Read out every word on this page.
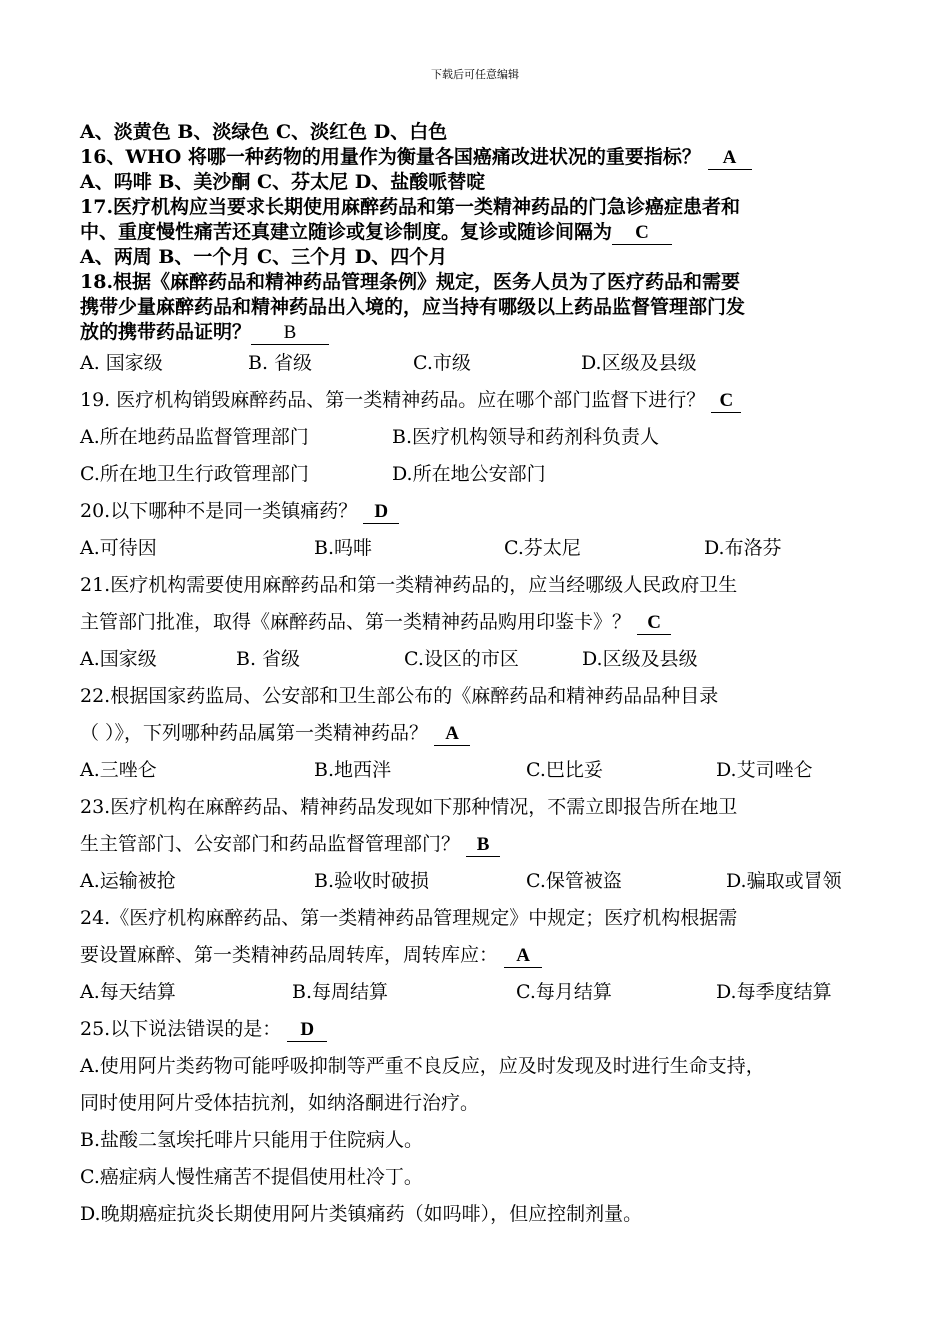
下载后可任意编辑
A、淡黄色 B、淡绿色 C、淡红色 D、白色
16、WHO 将哪一种药物的用量作为衡量各国癌痛改进状况的重要指标？ A
A、吗啡 B、美沙酮 C、芬太尼 D、盐酸哌替啶
17.医疗机构应当要求长期使用麻醉药品和第一类精神药品的门急诊癌症患者和
中、重度慢性痛苦还真建立随诊或复诊制度。复诊或随诊间隔为 C
A、两周 B、一个月 C、三个月 D、四个月
18.根据《麻醉药品和精神药品管理条例》规定，医务人员为了医疗药品和需要
携带少量麻醉药品和精神药品出入境的，应当持有哪级以上药品监督管理部门发
放的携带药品证明？ B
A. 国家级	B. 省级	C.市级	D.区级及县级
19. 医疗机构销毁麻醉药品、第一类精神药品。应在哪个部门监督下进行？ C
A.所在地药品监督管理部门	B.医疗机构领导和药剂科负责人
C.所在地卫生行政管理部门	D.所在地公安部门
20.以下哪种不是同一类镇痛药？ D
A.可待因	B.吗啡	C.芬太尼	D.布洛芬
21.医疗机构需要使用麻醉药品和第一类精神药品的，应当经哪级人民政府卫生
主管部门批准，取得《麻醉药品、第一类精神药品购用印鉴卡》？ C
A.国家级	B. 省级	C.设区的市区	D.区级及县级
22.根据国家药监局、公安部和卫生部公布的《麻醉药品和精神药品品种目录
（ ）》，下列哪种药品属第一类精神药品？ A
A.三唑仑	B.地西泮	C.巴比妥	D.艾司唑仑
23.医疗机构在麻醉药品、精神药品发现如下那种情况，不需立即报告所在地卫
生主管部门、公安部门和药品监督管理部门？ B
A.运输被抢	B.验收时破损	C.保管被盗	D.骗取或冒领
24.《医疗机构麻醉药品、第一类精神药品管理规定》中规定；医疗机构根据需
要设置麻醉、第一类精神药品周转库，周转库应： A
A.每天结算	B.每周结算	C.每月结算	D.每季度结算
25.以下说法错误的是： D
A.使用阿片类药物可能呼吸抑制等严重不良反应，应及时发现及时进行生命支持，
同时使用阿片受体拮抗剂，如纳洛酮进行治疗。
B.盐酸二氢埃托啡片只能用于住院病人。
C.癌症病人慢性痛苦不提倡使用杜冷丁。
D.晚期癌症抗炎长期使用阿片类镇痛药（如吗啡），但应控制剂量。
